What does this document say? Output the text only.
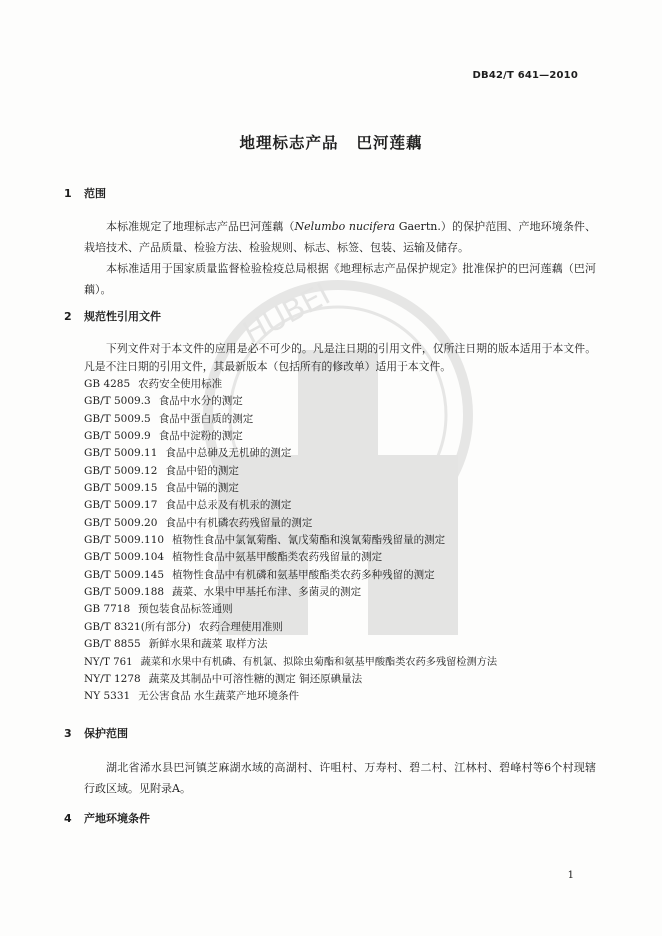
HUBEI
DB42/T 641—2010
地理标志产品 巴河莲藕
1 范围
本标准规定了地理标志产品巴河莲藕（Nelumbo nucifera Gaertn.）的保护范围、产地环境条件、栽培技术、产品质量、检验方法、检验规则、标志、标签、包装、运输及储存。
本标准适用于国家质量监督检验检疫总局根据《地理标志产品保护规定》批准保护的巴河莲藕（巴河藕）。
2 规范性引用文件
下列文件对于本文件的应用是必不可少的。凡是注日期的引用文件，仅所注日期的版本适用于本文件。凡是不注日期的引用文件，其最新版本（包括所有的修改单）适用于本文件。
GB 4285 农药安全使用标准
GB/T 5009.3 食品中水分的测定
GB/T 5009.5 食品中蛋白质的测定
GB/T 5009.9 食品中淀粉的测定
GB/T 5009.11 食品中总砷及无机砷的测定
GB/T 5009.12 食品中铅的测定
GB/T 5009.15 食品中镉的测定
GB/T 5009.17 食品中总汞及有机汞的测定
GB/T 5009.20 食品中有机磷农药残留量的测定
GB/T 5009.110 植物性食品中氯氰菊酯、氰戊菊酯和溴氰菊酯残留量的测定
GB/T 5009.104 植物性食品中氨基甲酸酯类农药残留量的测定
GB/T 5009.145 植物性食品中有机磷和氨基甲酸酯类农药多种残留的测定
GB/T 5009.188 蔬菜、水果中甲基托布津、多菌灵的测定
GB 7718 预包装食品标签通则
GB/T 8321(所有部分) 农药合理使用准则
GB/T 8855 新鲜水果和蔬菜 取样方法
NY/T 761 蔬菜和水果中有机磷、有机氯、拟除虫菊酯和氨基甲酸酯类农药多残留检测方法
NY/T 1278 蔬菜及其制品中可溶性糖的测定 铜还原碘量法
NY 5331 无公害食品 水生蔬菜产地环境条件
3 保护范围
湖北省浠水县巴河镇芝麻湖水域的高湖村、许咀村、万寿村、碧二村、江林村、碧峰村等6个村现辖行政区域。见附录A。
4 产地环境条件
1
